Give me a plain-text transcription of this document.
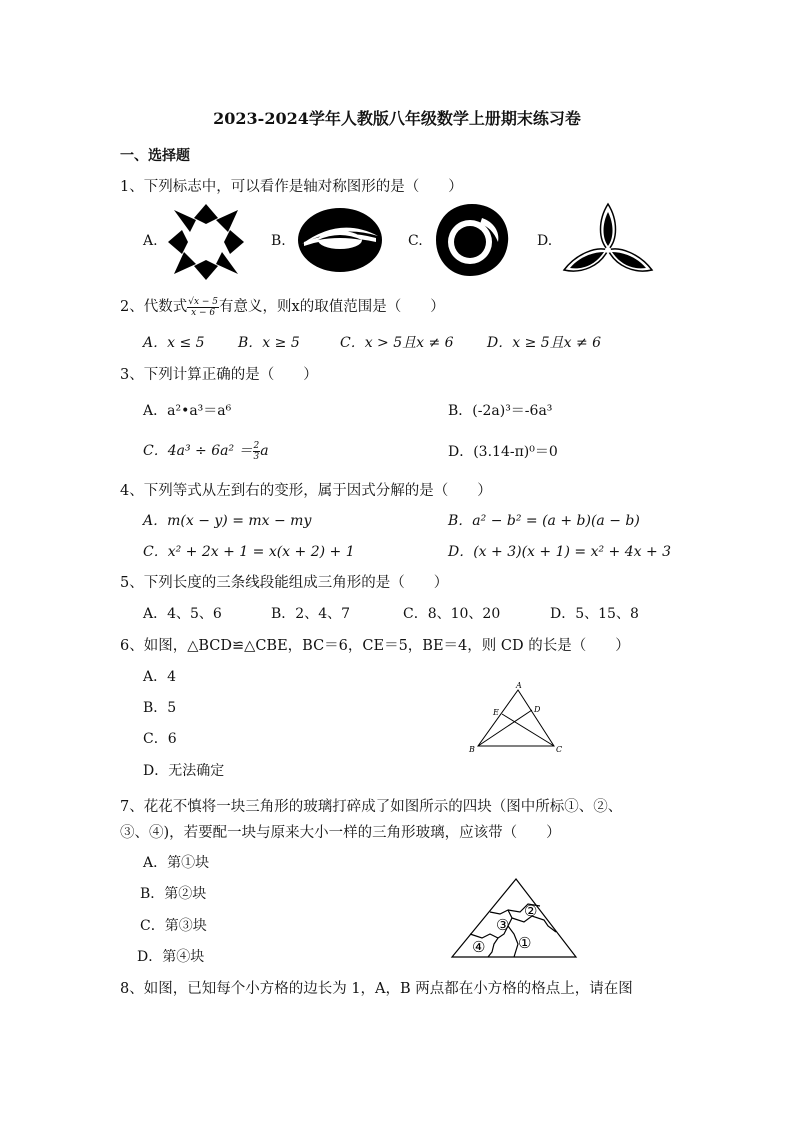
2023-2024学年人教版八年级数学上册期末练习卷
一、选择题
1、下列标志中，可以看作是轴对称图形的是（　　）
A.	B.	C.	D.
2、代数式 $\frac{√x - 5}{x - 6}$ 有意义，则x的取值范围是（　　）
A．x ≤ 5 B．x ≥ 5	C．x > 5且x ≠ 6 D．x ≥ 5且x ≠ 6
3、下列计算正确的是（　　）
A．a²•a³＝a⁶	B．(-2a)³＝-6a³
C．$4a^3 \div 6a^2 = \frac{2}{3}$ a	D．(3.14-π)⁰＝0
4、下列等式从左到右的变形，属于因式分解的是（　　）
A．m(x − y) = mx − my	B．a² − b² = (a + b)(a − b)
C．x² + 2x + 1 = x(x + 2) + 1	D．(x + 3)(x + 1) = x² + 4x + 3
5、下列长度的三条线段能组成三角形的是（　　）
A．4、5、6	B．2、4、7	C．8、10、20	D．5、15、8
6、如图，△BCD≌△CBE，BC＝6，CE＝5，BE＝4，则 CD 的长是（　　）
A．4
B．5
C．6
D．无法确定
A
E	D
B	C
7、花花不慎将一块三角形的玻璃打碎成了如图所示的四块（图中所标①、②、
③、④)，若要配一块与原来大小一样的三角形玻璃，应该带（　　）
A．第①块
B．第②块
C．第③块
D．第④块
②
③
④ ①
8、如图，已知每个小方格的边长为 1，A，B 两点都在小方格的格点上，请在图
